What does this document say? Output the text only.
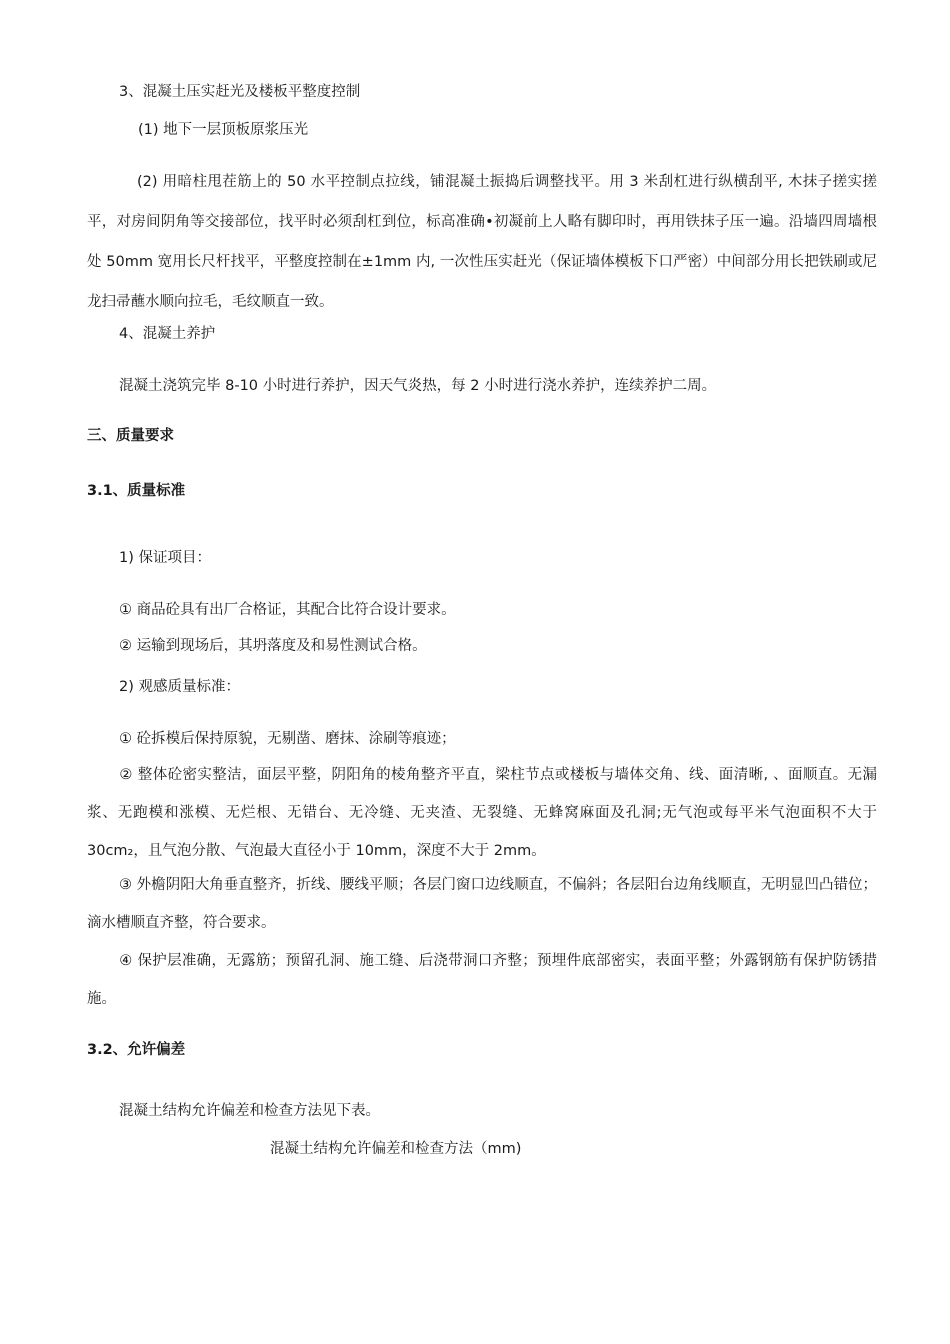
3、混凝土压实赶光及楼板平整度控制
(1) 地下一层顶板原浆压光
(2) 用暗柱甩茬筋上的 50 水平控制点拉线，铺混凝土振捣后调整找平。用 3 米刮杠进行纵横刮平, 木抹子搓实搓平，对房间阴角等交接部位，找平时必须刮杠到位，标高准确•初凝前上人略有脚印时，再用铁抹子压一遍。沿墙四周墙根处 50mm 宽用长尺杆找平，平整度控制在±1mm 内, 一次性压实赶光（保证墙体模板下口严密）中间部分用长把铁刷或尼龙扫帚蘸水顺向拉毛，毛纹顺直一致。
4、混凝土养护
混凝土浇筑完毕 8-10 小时进行养护，因天气炎热，每 2 小时进行浇水养护，连续养护二周。
三、质量要求
3.1、质量标准
1) 保证项目：
① 商品砼具有出厂合格证，其配合比符合设计要求。
② 运输到现场后，其坍落度及和易性测试合格。
2) 观感质量标准：
① 砼拆模后保持原貌，无剔凿、磨抹、涂刷等痕迹；
② 整体砼密实整洁，面层平整，阴阳角的棱角整齐平直，梁柱节点或楼板与墙体交角、线、面清晰, 、面顺直。无漏浆、无跑模和涨模、无烂根、无错台、无冷缝、无夹渣、无裂缝、无蜂窝麻面及孔洞;无气泡或每平米气泡面积不大于 30cm₂，且气泡分散、气泡最大直径小于 10mm，深度不大于 2mm。
③ 外檐阴阳大角垂直整齐，折线、腰线平顺；各层门窗口边线顺直，不偏斜；各层阳台边角线顺直，无明显凹凸错位；滴水槽顺直齐整，符合要求。
④ 保护层准确，无露筋；预留孔洞、施工缝、后浇带洞口齐整；预埋件底部密实，表面平整；外露钢筋有保护防锈措施。
3.2、允许偏差
混凝土结构允许偏差和检查方法见下表。
混凝土结构允许偏差和检查方法（mm)
